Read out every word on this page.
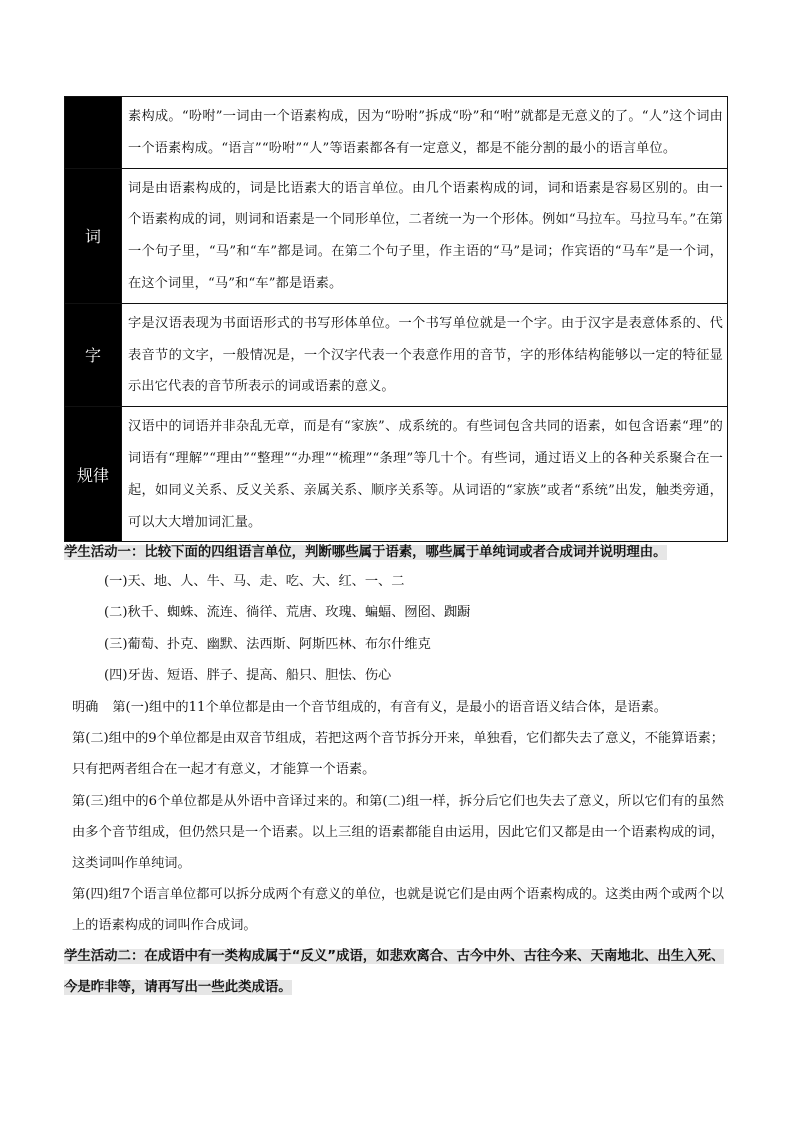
	素构成。“吩咐”一词由一个语素构成，因为“吩咐”拆成“吩”和“咐”就都是无意义的了。“人”这个词由一个语素构成。“语言”“吩咐”“人”等语素都各有一定意义，都是不能分割的最小的语言单位。
词	词是由语素构成的，词是比语素大的语言单位。由几个语素构成的词，词和语素是容易区别的。由一个语素构成的词，则词和语素是一个同形单位，二者统一为一个形体。例如“马拉车。马拉马车。”在第一个句子里，“马”和“车”都是词。在第二个句子里，作主语的“马”是词；作宾语的“马车”是一个词，在这个词里，“马”和“车”都是语素。
字	字是汉语表现为书面语形式的书写形体单位。一个书写单位就是一个字。由于汉字是表意体系的、代表音节的文字，一般情况是，一个汉字代表一个表意作用的音节，字的形体结构能够以一定的特征显示出它代表的音节所表示的词或语素的意义。
规律	汉语中的词语并非杂乱无章，而是有“家族”、成系统的。有些词包含共同的语素，如包含语素“理”的词语有“理解”“理由”“整理”“办理”“梳理”“条理”等几十个。有些词，通过语义上的各种关系聚合在一起，如同义关系、反义关系、亲属关系、顺序关系等。从词语的“家族”或者“系统”出发，触类旁通，可以大大增加词汇量。
学生活动一：比较下面的四组语言单位，判断哪些属于语素，哪些属于单纯词或者合成词并说明理由。
(一)天、地、人、牛、马、走、吃、大、红、一、二
(二)秋千、蜘蛛、流连、徜徉、荒唐、玫瑰、蝙蝠、囫囵、踟蹰
(三)葡萄、扑克、幽默、法西斯、阿斯匹林、布尔什维克
(四)牙齿、短语、胖子、提高、船只、胆怯、伤心

明确 第(一)组中的11个单位都是由一个音节组成的，有音有义，是最小的语音语义结合体，是语素。

第(二)组中的9个单位都是由双音节组成，若把这两个音节拆分开来，单独看，它们都失去了意义，不能算语素；只有把两者组合在一起才有意义，才能算一个语素。

第(三)组中的6个单位都是从外语中音译过来的。和第(二)组一样，拆分后它们也失去了意义，所以它们有的虽然由多个音节组成，但仍然只是一个语素。以上三组的语素都能自由运用，因此它们又都是由一个语素构成的词，这类词叫作单纯词。

第(四)组7个语言单位都可以拆分成两个有意义的单位，也就是说它们是由两个语素构成的。这类由两个或两个以上的语素构成的词叫作合成词。

学生活动二：在成语中有一类构成属于“反义”成语，如悲欢离合、古今中外、古往今来、天南地北、出生入死、今是昨非等，请再写出一些此类成语。
